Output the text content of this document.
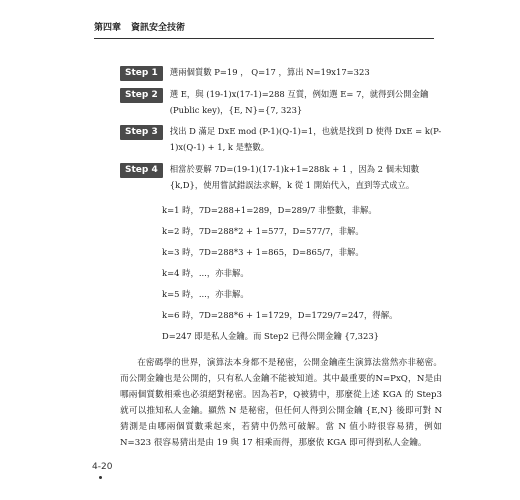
第四章 資訊安全技術
Step 1	選兩個質數 P=19 ， Q=17 ，算出 N=19x17=323
Step 2	選 E，與 (19-1)x(17-1)=288 互質，例如選 E= 7，就得到公開金鑰 (Public key)，{E, N}={7, 323}
Step 3	找出 D 滿足 DxE mod (P-1)(Q-1)=1，也就是找到 D 使得 DxE = k(P-1)x(Q-1) + 1, k 是整數。
Step 4	相當於要解 7D=(19-1)(17-1)k+1=288k + 1 ，因為 2 個未知數 {k,D}，使用嘗試錯誤法求解，k 從 1 開始代入，直到等式成立。
k=1 時，7D=288+1=289，D=289/7 非整數，非解。
k=2 時，7D=288*2 + 1=577，D=577/7，非解。
k=3 時，7D=288*3 + 1=865，D=865/7，非解。
k=4 時，...，亦非解。
k=5 時，...，亦非解。
k=6 時，7D=288*6 + 1=1729，D=1729/7=247，得解。
D=247 即是私人金鑰。而 Step2 已得公開金鑰 {7,323}
在密碼學的世界，演算法本身都不是秘密，公開金鑰產生演算法當然亦非秘密。而公開金鑰也是公開的，只有私人金鑰不能被知道。其中最重要的N=PxQ，N是由哪兩個質數相乘也必須絕對秘密。因為若P，Q被猜中，那麼從上述 KGA 的 Step3 就可以推知私人金鑰。顯然 N 是秘密，但任何人得到公開金鑰 {E,N} 後即可對 N 猜測是由哪兩個質數乘起來，若猜中仍然可破解。當 N 值小時很容易猜，例如 N=323 很容易猜出是由 19 與 17 相乘而得，那麼依 KGA 即可得到私人金鑰。
4-20
